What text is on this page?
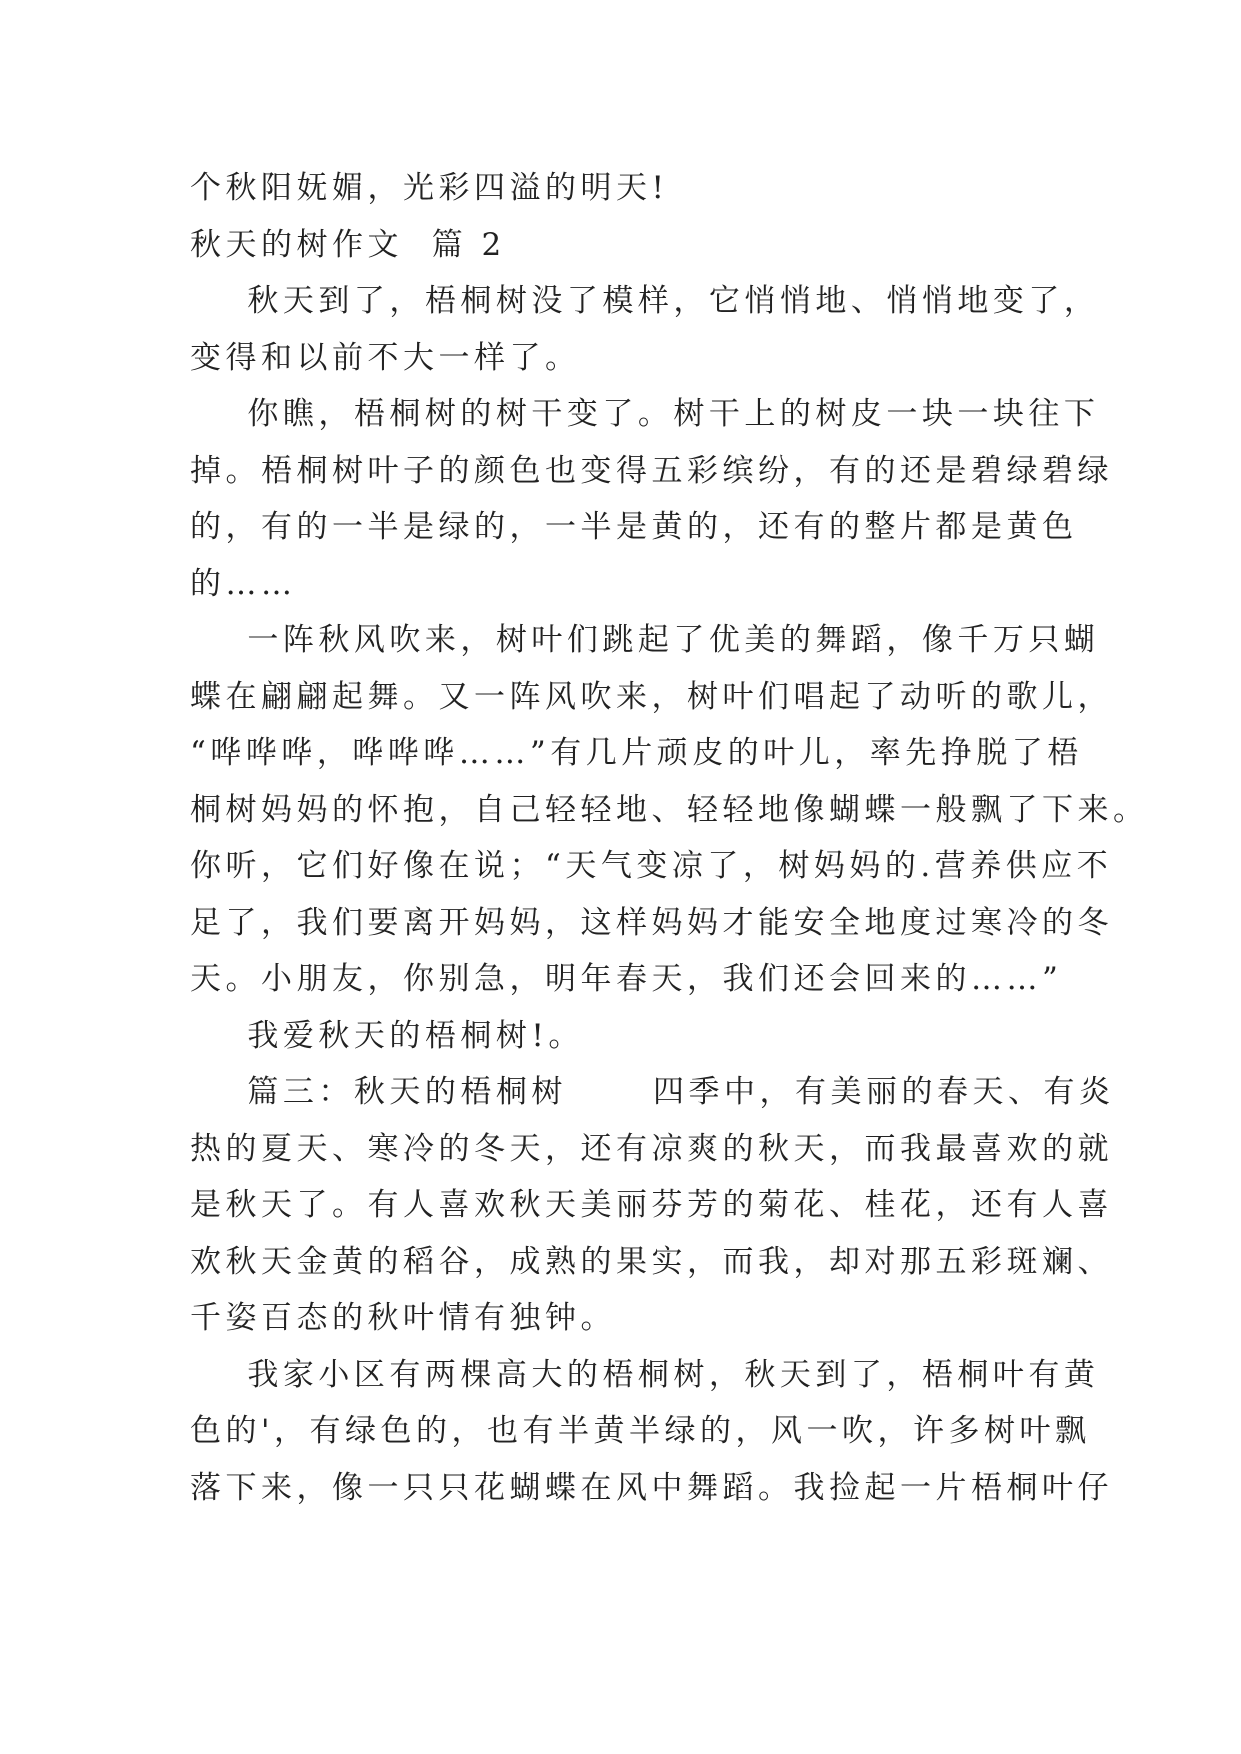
个秋阳妩媚，光彩四溢的明天!
秋天的树作文  篇 2
秋天到了，梧桐树没了模样，它悄悄地、悄悄地变了，
变得和以前不大一样了。
你瞧，梧桐树的树干变了。树干上的树皮一块一块往下
掉。梧桐树叶子的颜色也变得五彩缤纷，有的还是碧绿碧绿
的，有的一半是绿的，一半是黄的，还有的整片都是黄色
的……
一阵秋风吹来，树叶们跳起了优美的舞蹈，像千万只蝴
蝶在翩翩起舞。又一阵风吹来，树叶们唱起了动听的歌儿，
“哗哗哗，哗哗哗……”有几片顽皮的叶儿，率先挣脱了梧
桐树妈妈的怀抱，自己轻轻地、轻轻地像蝴蝶一般飘了下来。
你听，它们好像在说；“天气变凉了，树妈妈的.营养供应不
足了，我们要离开妈妈，这样妈妈才能安全地度过寒冷的冬
天。小朋友，你别急，明年春天，我们还会回来的……”
我爱秋天的梧桐树!。
篇三：秋天的梧桐树      四季中，有美丽的春天、有炎
热的夏天、寒冷的冬天，还有凉爽的秋天，而我最喜欢的就
是秋天了。有人喜欢秋天美丽芬芳的菊花、桂花，还有人喜
欢秋天金黄的稻谷，成熟的果实，而我，却对那五彩斑斓、
千姿百态的秋叶情有独钟。
我家小区有两棵高大的梧桐树，秋天到了，梧桐叶有黄
色的'，有绿色的，也有半黄半绿的，风一吹，许多树叶飘
落下来，像一只只花蝴蝶在风中舞蹈。我捡起一片梧桐叶仔
